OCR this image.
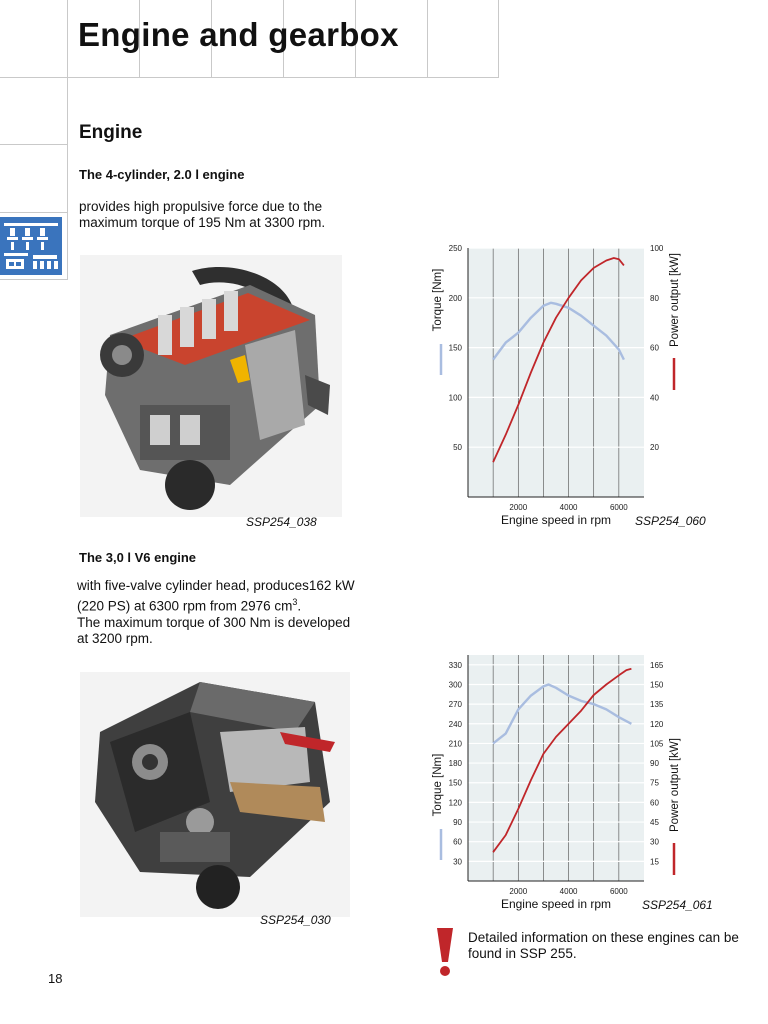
Engine and gearbox
Engine
The 4-cylinder, 2.0 l engine
provides high propulsive force due to the maximum torque of 195 Nm at 3300 rpm.
SSP254_038
50
100
150
200
250
20
40
60
80
100
2000	4000	6000
Engine speed in rpm SSP254_060
Torque [Nm]	Power output [kW]
The 3,0 l V6 engine
with five-valve cylinder head, produces162 kW
(220 PS) at 6300 rpm from 2976 $cm^3$.
The maximum torque of 300 Nm is developed
at 3200 rpm.
SSP254_030
30
60
90
120
150
180
210
240
270
300
330
15
30
45
60
75
90
105
120
135
150
165
2000	4000	6000
Engine speed in rpm	SSP254_061
Torque [Nm]	Power output [kW]
Detailed information on these engines can be found in SSP 255.
18
